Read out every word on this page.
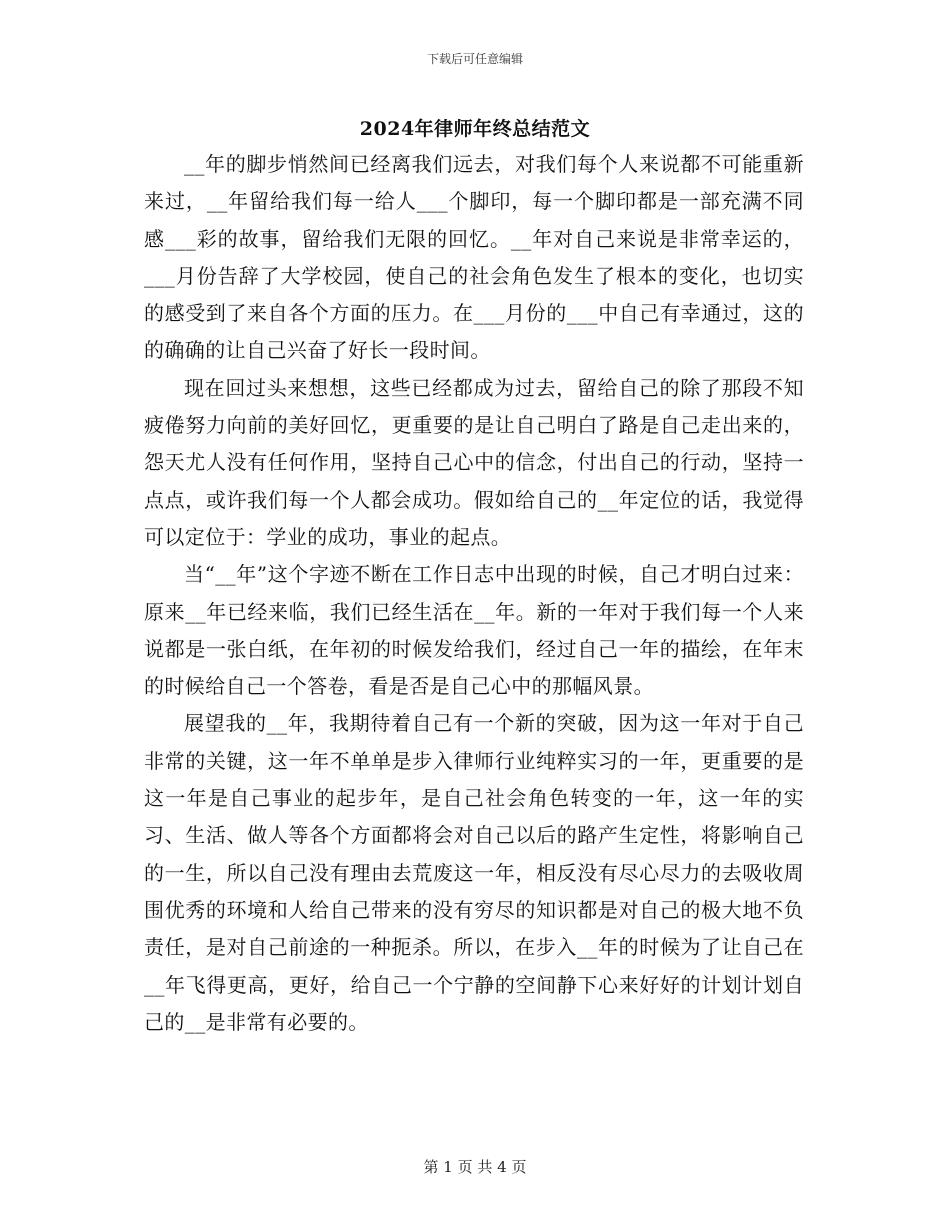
下载后可任意编辑
2024年律师年终总结范文

__年的脚步悄然间已经离我们远去，对我们每个人来说都不可能重新来过，__年留给我们每一给人___个脚印，每一个脚印都是一部充满不同感___彩的故事，留给我们无限的回忆。__年对自己来说是非常幸运的，___月份告辞了大学校园，使自己的社会角色发生了根本的变化，也切实的感受到了来自各个方面的压力。在___月份的___中自己有幸通过，这的的确确的让自己兴奋了好长一段时间。

现在回过头来想想，这些已经都成为过去，留给自己的除了那段不知疲倦努力向前的美好回忆，更重要的是让自己明白了路是自己走出来的，怨天尤人没有任何作用，坚持自己心中的信念，付出自己的行动，坚持一点点，或许我们每一个人都会成功。假如给自己的__年定位的话，我觉得可以定位于：学业的成功，事业的起点。

当“__年”这个字迹不断在工作日志中出现的时候，自己才明白过来：原来__年已经来临，我们已经生活在__年。新的一年对于我们每一个人来说都是一张白纸，在年初的时候发给我们，经过自己一年的描绘，在年末的时候给自己一个答卷，看是否是自己心中的那幅风景。

展望我的__年，我期待着自己有一个新的突破，因为这一年对于自己非常的关键，这一年不单单是步入律师行业纯粹实习的一年，更重要的是这一年是自己事业的起步年，是自己社会角色转变的一年，这一年的实习、生活、做人等各个方面都将会对自己以后的路产生定性，将影响自己的一生，所以自己没有理由去荒废这一年，相反没有尽心尽力的去吸收周围优秀的环境和人给自己带来的没有穷尽的知识都是对自己的极大地不负责任，是对自己前途的一种扼杀。所以，在步入__年的时候为了让自己在__年飞得更高，更好，给自己一个宁静的空间静下心来好好的计划计划自己的__是非常有必要的。

第 1 页 共 4 页
